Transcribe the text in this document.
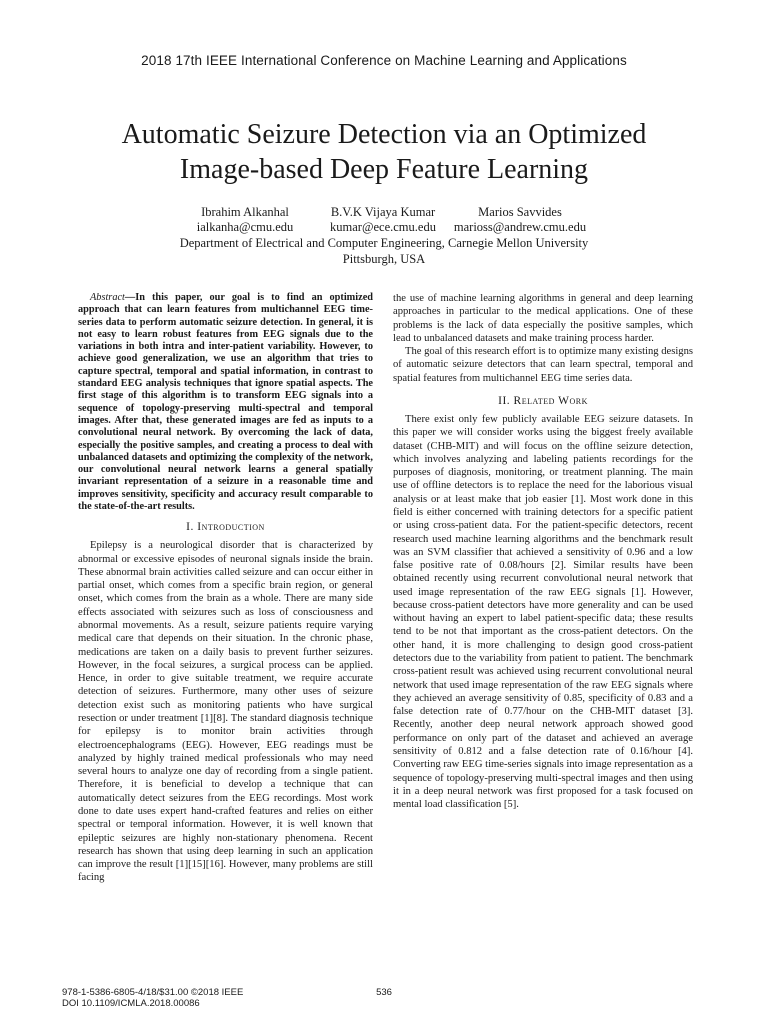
2018 17th IEEE International Conference on Machine Learning and Applications
Automatic Seizure Detection via an Optimized
Image-based Deep Feature Learning
Ibrahim Alkanhal
ialkanha@cmu.edu
B.V.K Vijaya Kumar
kumar@ece.cmu.edu
Marios Savvides
marioss@andrew.cmu.edu
Department of Electrical and Computer Engineering, Carnegie Mellon University
Pittsburgh, USA

Abstract—In this paper, our goal is to find an optimized approach that can learn features from multichannel EEG time-series data to perform automatic seizure detection. In general, it is not easy to learn robust features from EEG signals due to the variations in both intra and inter-patient variability. However, to achieve good generalization, we use an algorithm that tries to capture spectral, temporal and spatial information, in contrast to standard EEG analysis techniques that ignore spatial aspects. The first stage of this algorithm is to transform EEG signals into a sequence of topology-preserving multi-spectral and temporal images. After that, these generated images are fed as inputs to a convolutional neural network. By overcoming the lack of data, especially the positive samples, and creating a process to deal with unbalanced datasets and optimizing the complexity of the network, our convolutional neural network learns a general spatially invariant representation of a seizure in a reasonable time and improves sensitivity, specificity and accuracy result comparable to the state-of-the-art results.

I. Introduction

Epilepsy is a neurological disorder that is characterized by abnormal or excessive episodes of neuronal signals inside the brain. These abnormal brain activities called seizure and can occur either in partial onset, which comes from a specific brain region, or general onset, which comes from the brain as a whole. There are many side effects associated with seizures such as loss of consciousness and abnormal movements. As a result, seizure patients require varying medical care that depends on their situation. In the chronic phase, medications are taken on a daily basis to prevent further seizures. However, in the focal seizures, a surgical process can be applied. Hence, in order to give suitable treatment, we require accurate detection of seizures. Furthermore, many other uses of seizure detection exist such as monitoring patients who have surgical resection or under treatment [1][8]. The standard diagnosis technique for epilepsy is to monitor brain activities through electroencephalograms (EEG). However, EEG readings must be analyzed by highly trained medical professionals who may need several hours to analyze one day of recording from a single patient. Therefore, it is beneficial to develop a technique that can automatically detect seizures from the EEG recordings. Most work done to date uses expert hand-crafted features and relies on either spectral or temporal information. However, it is well known that epileptic seizures are highly non-stationary phenomena. Recent research has shown that using deep learning in such an application can improve the result [1][15][16]. However, many problems are still facing

the use of machine learning algorithms in general and deep learning approaches in particular to the medical applications. One of these problems is the lack of data especially the positive samples, which lead to unbalanced datasets and make training process harder.

The goal of this research effort is to optimize many existing designs of automatic seizure detectors that can learn spectral, temporal and spatial features from multichannel EEG time series data.

II. Related Work

There exist only few publicly available EEG seizure datasets. In this paper we will consider works using the biggest freely available dataset (CHB-MIT) and will focus on the offline seizure detection, which involves analyzing and labeling patients recordings for the purposes of diagnosis, monitoring, or treatment planning. The main use of offline detectors is to replace the need for the laborious visual analysis or at least make that job easier [1]. Most work done in this field is either concerned with training detectors for a specific patient or using cross-patient data. For the patient-specific detectors, recent research used machine learning algorithms and the benchmark result was an SVM classifier that achieved a sensitivity of 0.96 and a low false positive rate of 0.08/hours [2]. Similar results have been obtained recently using recurrent convolutional neural network that used image representation of the raw EEG signals [1]. However, because cross-patient detectors have more generality and can be used without having an expert to label patient-specific data; these results tend to be not that important as the cross-patient detectors. On the other hand, it is more challenging to design good cross-patient detectors due to the variability from patient to patient. The benchmark cross-patient result was achieved using recurrent convolutional neural network that used image representation of the raw EEG signals where they achieved an average sensitivity of 0.85, specificity of 0.83 and a false detection rate of 0.77/hour on the CHB-MIT dataset [3]. Recently, another deep neural network approach showed good performance on only part of the dataset and achieved an average sensitivity of 0.812 and a false detection rate of 0.16/hour [4]. Converting raw EEG time-series signals into image representation as a sequence of topology-preserving multi-spectral images and then using it in a deep neural network was first proposed for a task focused on mental load classification [5].

978-1-5386-6805-4/18/$31.00 ©2018 IEEE
DOI 10.1109/ICMLA.2018.00086
536
